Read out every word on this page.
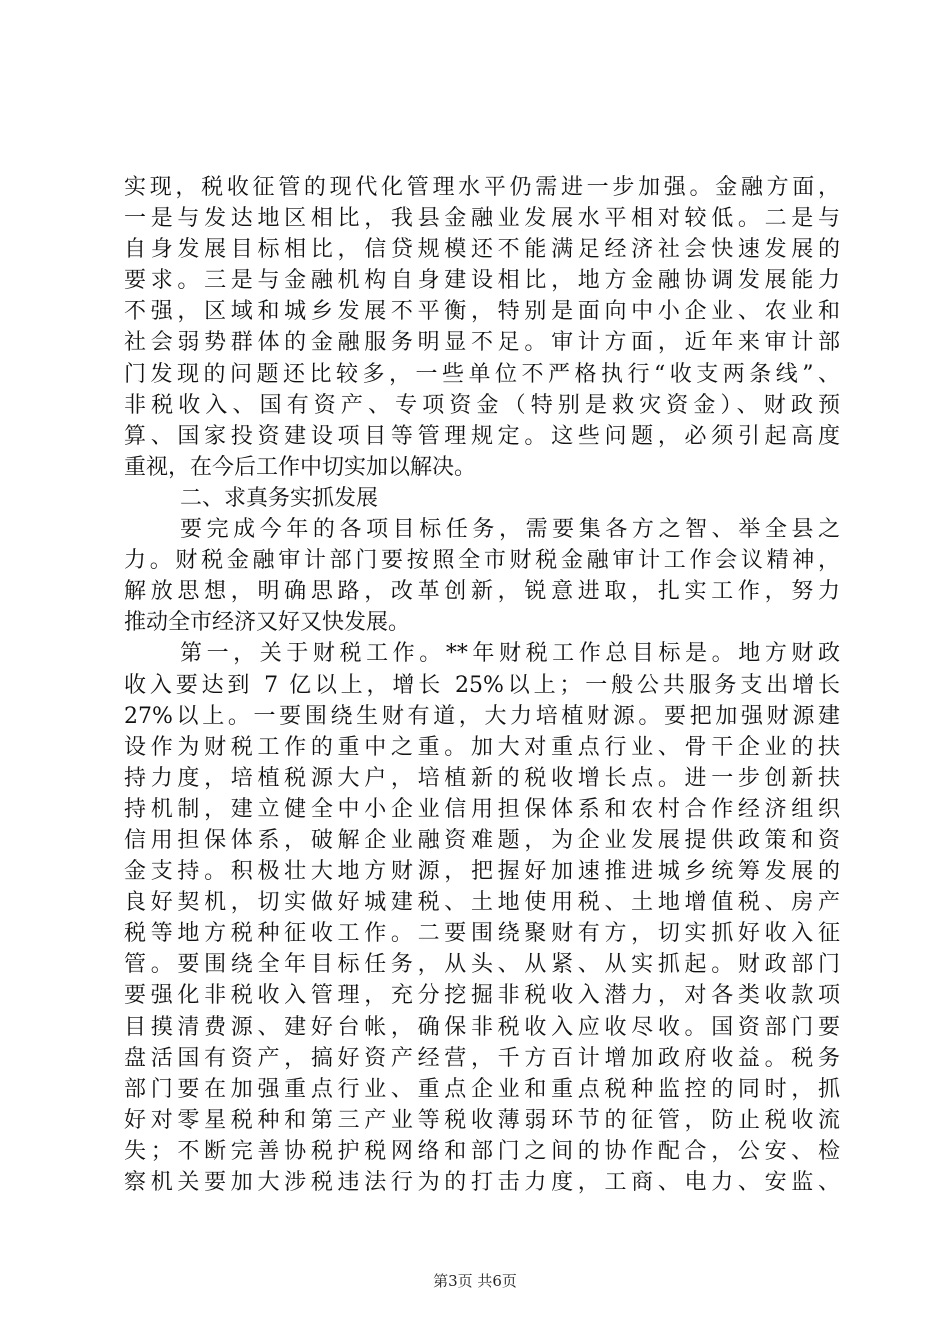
实现，税收征管的现代化管理水平仍需进一步加强。金融方面，
一是与发达地区相比，我县金融业发展水平相对较低。二是与
自身发展目标相比，信贷规模还不能满足经济社会快速发展的
要求。三是与金融机构自身建设相比，地方金融协调发展能力
不强，区域和城乡发展不平衡，特别是面向中小企业、农业和
社会弱势群体的金融服务明显不足。审计方面，近年来审计部
门发现的问题还比较多，一些单位不严格执行“收支两条线”、
非税收入、国有资产、专项资金（特别是救灾资金）、财政预
算、国家投资建设项目等管理规定。这些问题，必须引起高度
重视，在今后工作中切实加以解决。
二、求真务实抓发展
要完成今年的各项目标任务，需要集各方之智、举全县之
力。财税金融审计部门要按照全市财税金融审计工作会议精神，
解放思想，明确思路，改革创新，锐意进取，扎实工作，努力
推动全市经济又好又快发展。
第一，关于财税工作。**年财税工作总目标是。地方财政
收入要达到 7 亿以上，增长 25%以上；一般公共服务支出增长
27%以上。一要围绕生财有道，大力培植财源。要把加强财源建
设作为财税工作的重中之重。加大对重点行业、骨干企业的扶
持力度，培植税源大户，培植新的税收增长点。进一步创新扶
持机制，建立健全中小企业信用担保体系和农村合作经济组织
信用担保体系，破解企业融资难题，为企业发展提供政策和资
金支持。积极壮大地方财源，把握好加速推进城乡统筹发展的
良好契机，切实做好城建税、土地使用税、土地增值税、房产
税等地方税种征收工作。二要围绕聚财有方，切实抓好收入征
管。要围绕全年目标任务，从头、从紧、从实抓起。财政部门
要强化非税收入管理，充分挖掘非税收入潜力，对各类收款项
目摸清费源、建好台帐，确保非税收入应收尽收。国资部门要
盘活国有资产，搞好资产经营，千方百计增加政府收益。税务
部门要在加强重点行业、重点企业和重点税种监控的同时，抓
好对零星税种和第三产业等税收薄弱环节的征管，防止税收流
失；不断完善协税护税网络和部门之间的协作配合，公安、检
察机关要加大涉税违法行为的打击力度，工商、电力、安监、
第3页 共6页
